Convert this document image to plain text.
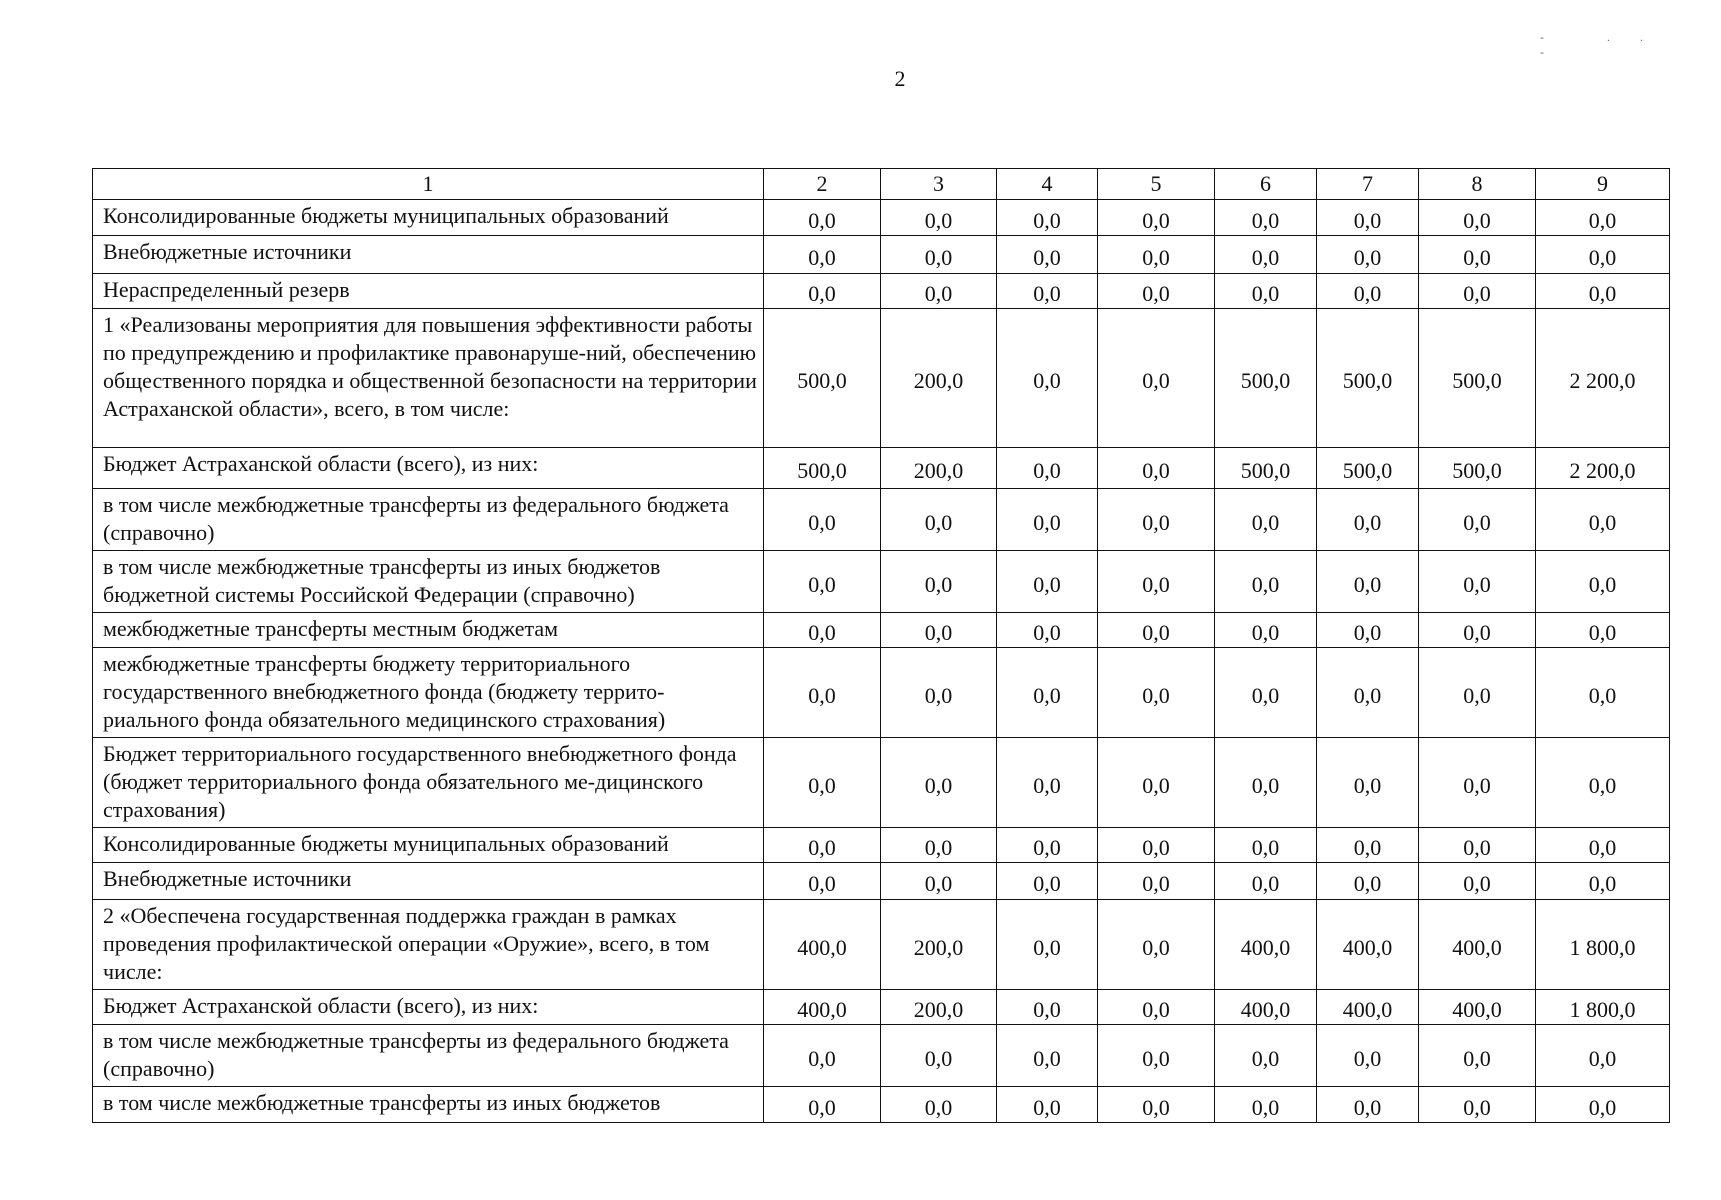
2
- .. -
1	2	3	4	5	6	7	8	9
Консолидированные бюджеты муниципальных образований	0,0	0,0	0,0	0,0	0,0	0,0	0,0	0,0
Внебюджетные источники	0,0	0,0	0,0	0,0	0,0	0,0	0,0	0,0
Нераспределенный резерв	0,0	0,0	0,0	0,0	0,0	0,0	0,0	0,0
1 «Реализованы мероприятия для повышения эффективности работы по предупреждению и профилактике правонаруше-ний, обеспечению общественного порядка и общественной безопасности на территории Астраханской области», всего, в том числе:	500,0	200,0	0,0	0,0	500,0	500,0	500,0	2 200,0
Бюджет Астраханской области (всего), из них:	500,0	200,0	0,0	0,0	500,0	500,0	500,0	2 200,0
в том числе межбюджетные трансферты из федерального бюджета (справочно)	0,0	0,0	0,0	0,0	0,0	0,0	0,0	0,0
в том числе межбюджетные трансферты из иных бюджетов бюджетной системы Российской Федерации (справочно)	0,0	0,0	0,0	0,0	0,0	0,0	0,0	0,0
межбюджетные трансферты местным бюджетам	0,0	0,0	0,0	0,0	0,0	0,0	0,0	0,0
межбюджетные трансферты бюджету территориального государственного внебюджетного фонда (бюджету террито-риального фонда обязательного медицинского страхования)	0,0	0,0	0,0	0,0	0,0	0,0	0,0	0,0
Бюджет территориального государственного внебюджетного фонда (бюджет территориального фонда обязательного ме-дицинского страхования)	0,0	0,0	0,0	0,0	0,0	0,0	0,0	0,0
Консолидированные бюджеты муниципальных образований	0,0	0,0	0,0	0,0	0,0	0,0	0,0	0,0
Внебюджетные источники	0,0	0,0	0,0	0,0	0,0	0,0	0,0	0,0
2 «Обеспечена государственная поддержка граждан в рамках проведения профилактической операции «Оружие», всего, в том числе:	400,0	200,0	0,0	0,0	400,0	400,0	400,0	1 800,0
Бюджет Астраханской области (всего), из них:	400,0	200,0	0,0	0,0	400,0	400,0	400,0	1 800,0
в том числе межбюджетные трансферты из федерального бюджета (справочно)	0,0	0,0	0,0	0,0	0,0	0,0	0,0	0,0
в том числе межбюджетные трансферты из иных бюджетов	0,0	0,0	0,0	0,0	0,0	0,0	0,0	0,0
